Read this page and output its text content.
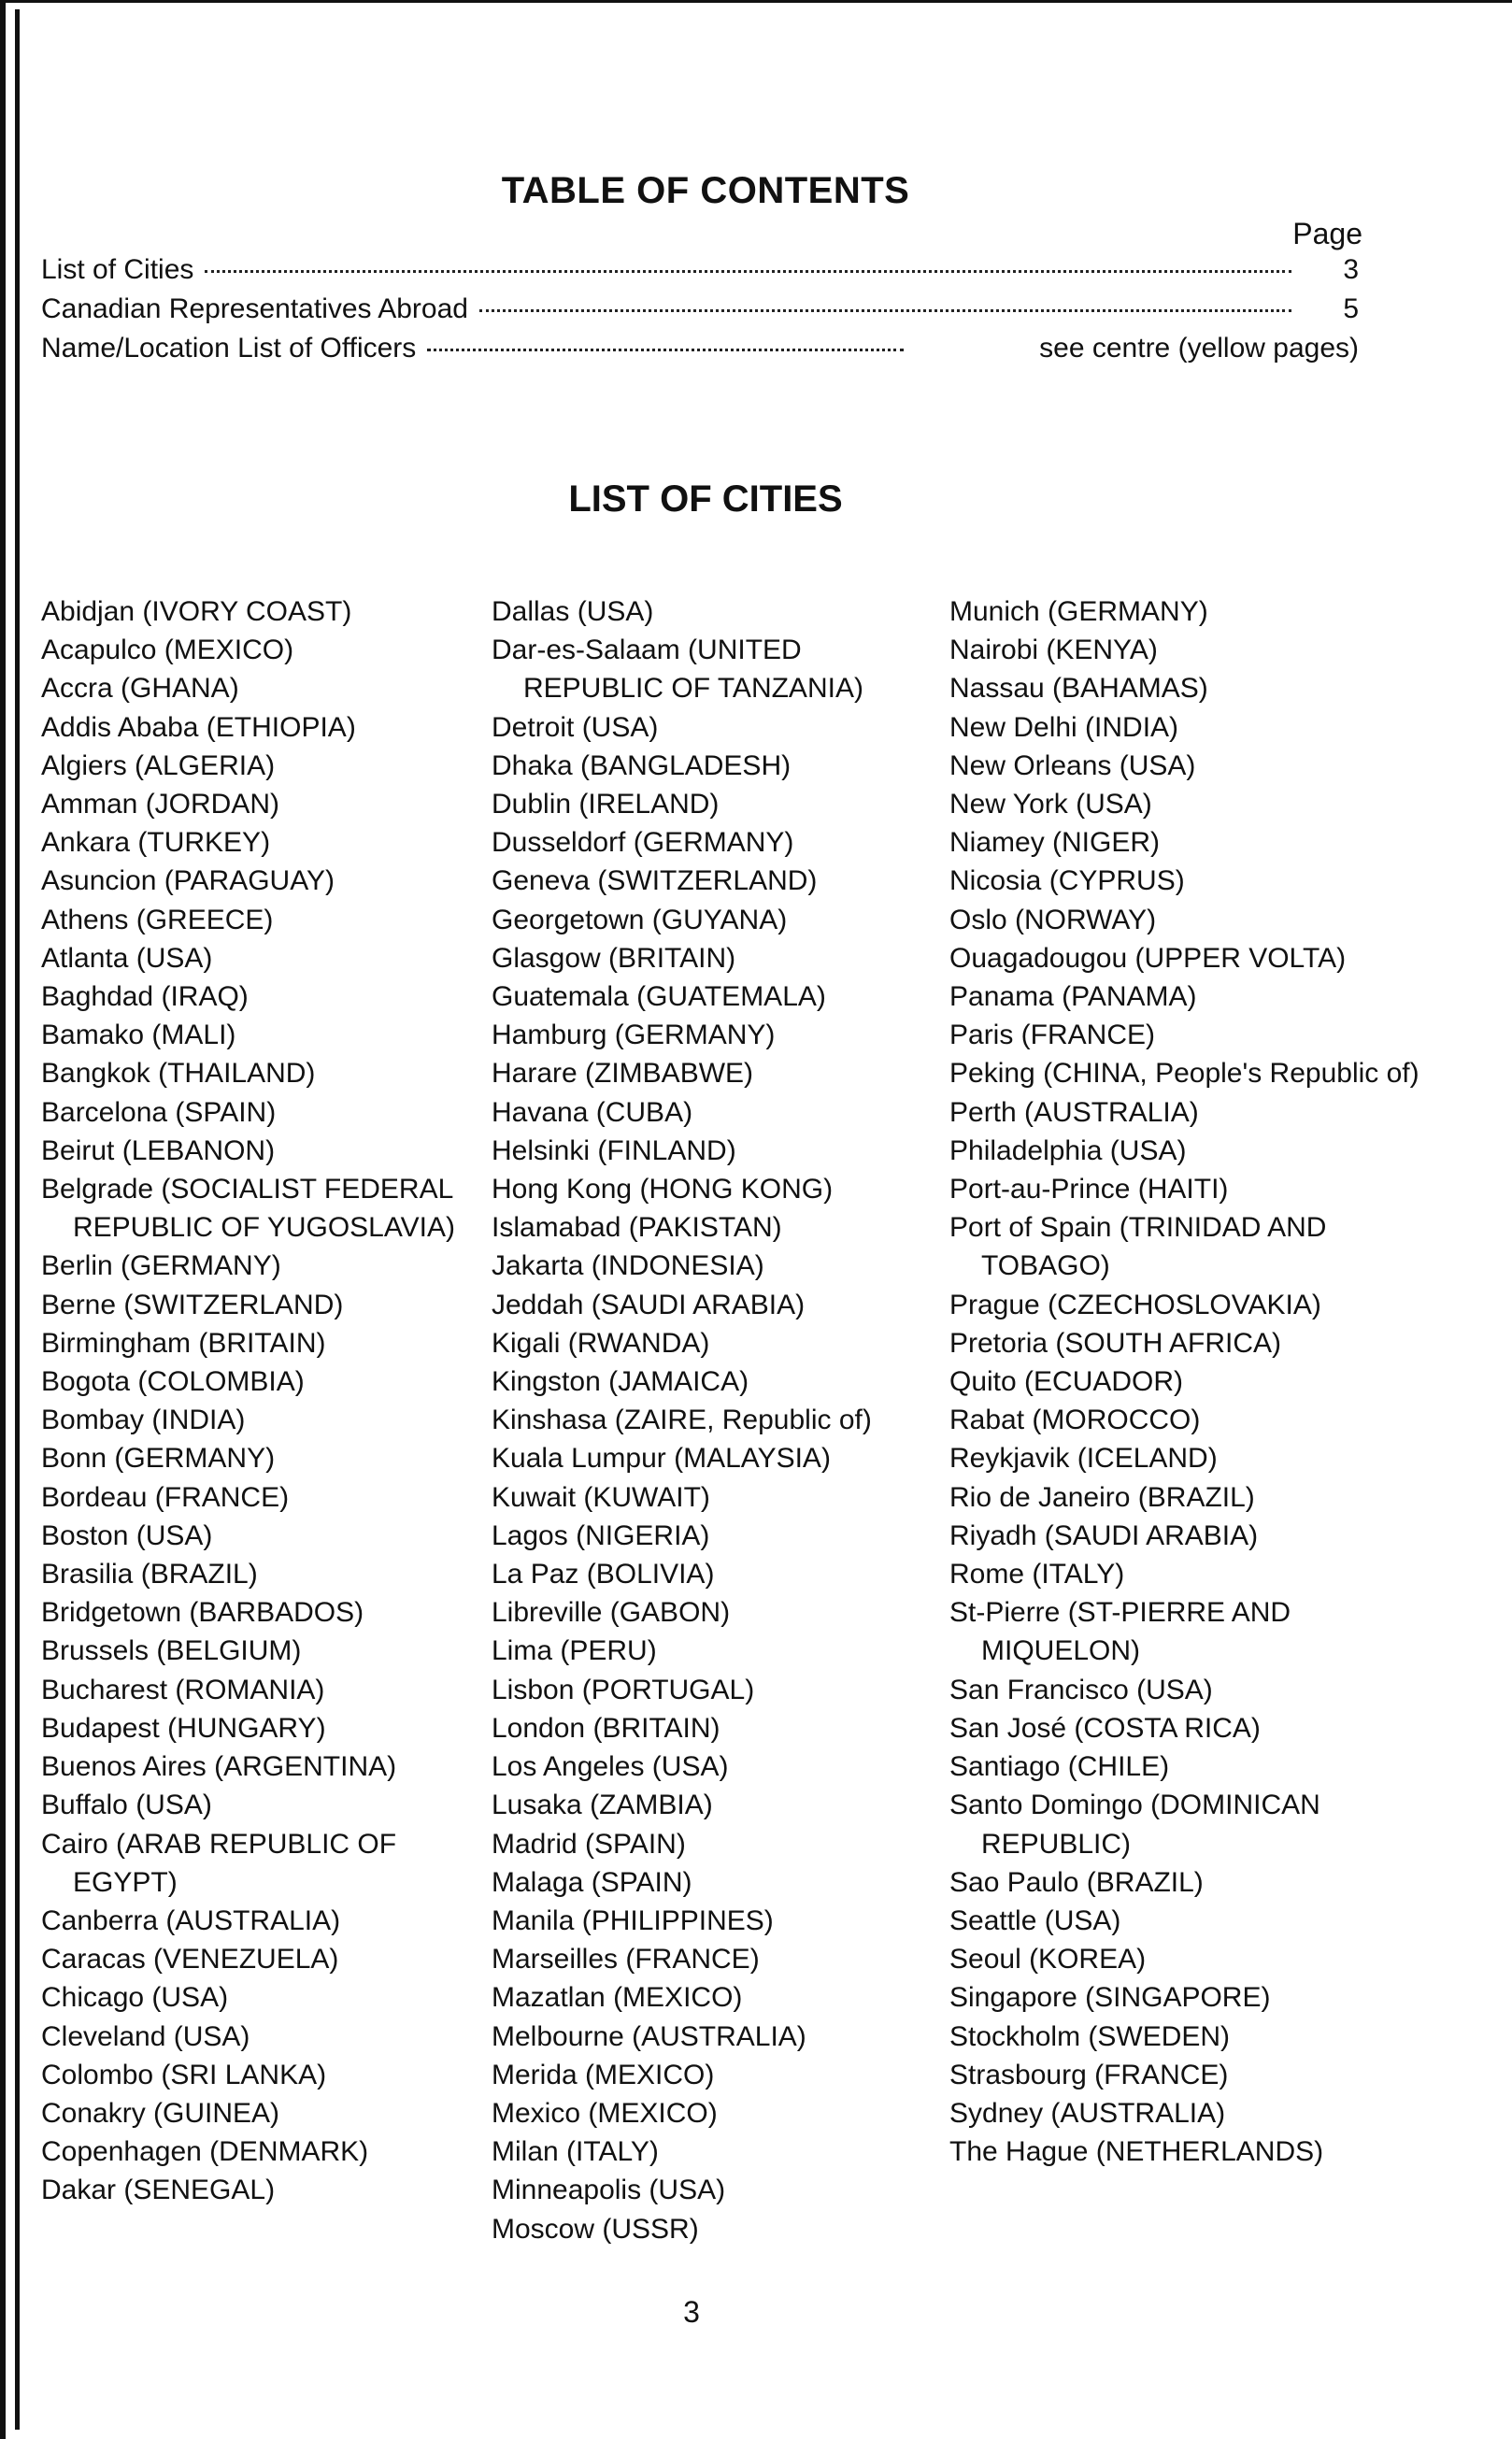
TABLE OF CONTENTS
Page
List of Cities	3
Canadian Representatives Abroad	5
Name/Location List of Officers	see centre (yellow pages)
LIST OF CITIES
Abidjan (IVORY COAST)
Acapulco (MEXICO)
Accra (GHANA)
Addis Ababa (ETHIOPIA)
Algiers (ALGERIA)
Amman (JORDAN)
Ankara (TURKEY)
Asuncion (PARAGUAY)
Athens (GREECE)
Atlanta (USA)
Baghdad (IRAQ)
Bamako (MALI)
Bangkok (THAILAND)
Barcelona (SPAIN)
Beirut (LEBANON)
Belgrade (SOCIALIST FEDERAL REPUBLIC OF YUGOSLAVIA)
Berlin (GERMANY)
Berne (SWITZERLAND)
Birmingham (BRITAIN)
Bogota (COLOMBIA)
Bombay (INDIA)
Bonn (GERMANY)
Bordeau (FRANCE)
Boston (USA)
Brasilia (BRAZIL)
Bridgetown (BARBADOS)
Brussels (BELGIUM)
Bucharest (ROMANIA)
Budapest (HUNGARY)
Buenos Aires (ARGENTINA)
Buffalo (USA)
Cairo (ARAB REPUBLIC OF EGYPT)
Canberra (AUSTRALIA)
Caracas (VENEZUELA)
Chicago (USA)
Cleveland (USA)
Colombo (SRI LANKA)
Conakry (GUINEA)
Copenhagen (DENMARK)
Dakar (SENEGAL)
Dallas (USA)
Dar-es-Salaam (UNITED REPUBLIC OF TANZANIA)
Detroit (USA)
Dhaka (BANGLADESH)
Dublin (IRELAND)
Dusseldorf (GERMANY)
Geneva (SWITZERLAND)
Georgetown (GUYANA)
Glasgow (BRITAIN)
Guatemala (GUATEMALA)
Hamburg (GERMANY)
Harare (ZIMBABWE)
Havana (CUBA)
Helsinki (FINLAND)
Hong Kong (HONG KONG)
Islamabad (PAKISTAN)
Jakarta (INDONESIA)
Jeddah (SAUDI ARABIA)
Kigali (RWANDA)
Kingston (JAMAICA)
Kinshasa (ZAIRE, Republic of)
Kuala Lumpur (MALAYSIA)
Kuwait (KUWAIT)
Lagos (NIGERIA)
La Paz (BOLIVIA)
Libreville (GABON)
Lima (PERU)
Lisbon (PORTUGAL)
London (BRITAIN)
Los Angeles (USA)
Lusaka (ZAMBIA)
Madrid (SPAIN)
Malaga (SPAIN)
Manila (PHILIPPINES)
Marseilles (FRANCE)
Mazatlan (MEXICO)
Melbourne (AUSTRALIA)
Merida (MEXICO)
Mexico (MEXICO)
Milan (ITALY)
Minneapolis (USA)
Moscow (USSR)
Munich (GERMANY)
Nairobi (KENYA)
Nassau (BAHAMAS)
New Delhi (INDIA)
New Orleans (USA)
New York (USA)
Niamey (NIGER)
Nicosia (CYPRUS)
Oslo (NORWAY)
Ouagadougou (UPPER VOLTA)
Panama (PANAMA)
Paris (FRANCE)
Peking (CHINA, People's Republic of)
Perth (AUSTRALIA)
Philadelphia (USA)
Port-au-Prince (HAITI)
Port of Spain (TRINIDAD AND TOBAGO)
Prague (CZECHOSLOVAKIA)
Pretoria (SOUTH AFRICA)
Quito (ECUADOR)
Rabat (MOROCCO)
Reykjavik (ICELAND)
Rio de Janeiro (BRAZIL)
Riyadh (SAUDI ARABIA)
Rome (ITALY)
St-Pierre (ST-PIERRE AND MIQUELON)
San Francisco (USA)
San José (COSTA RICA)
Santiago (CHILE)
Santo Domingo (DOMINICAN REPUBLIC)
Sao Paulo (BRAZIL)
Seattle (USA)
Seoul (KOREA)
Singapore (SINGAPORE)
Stockholm (SWEDEN)
Strasbourg (FRANCE)
Sydney (AUSTRALIA)
The Hague (NETHERLANDS)
3
